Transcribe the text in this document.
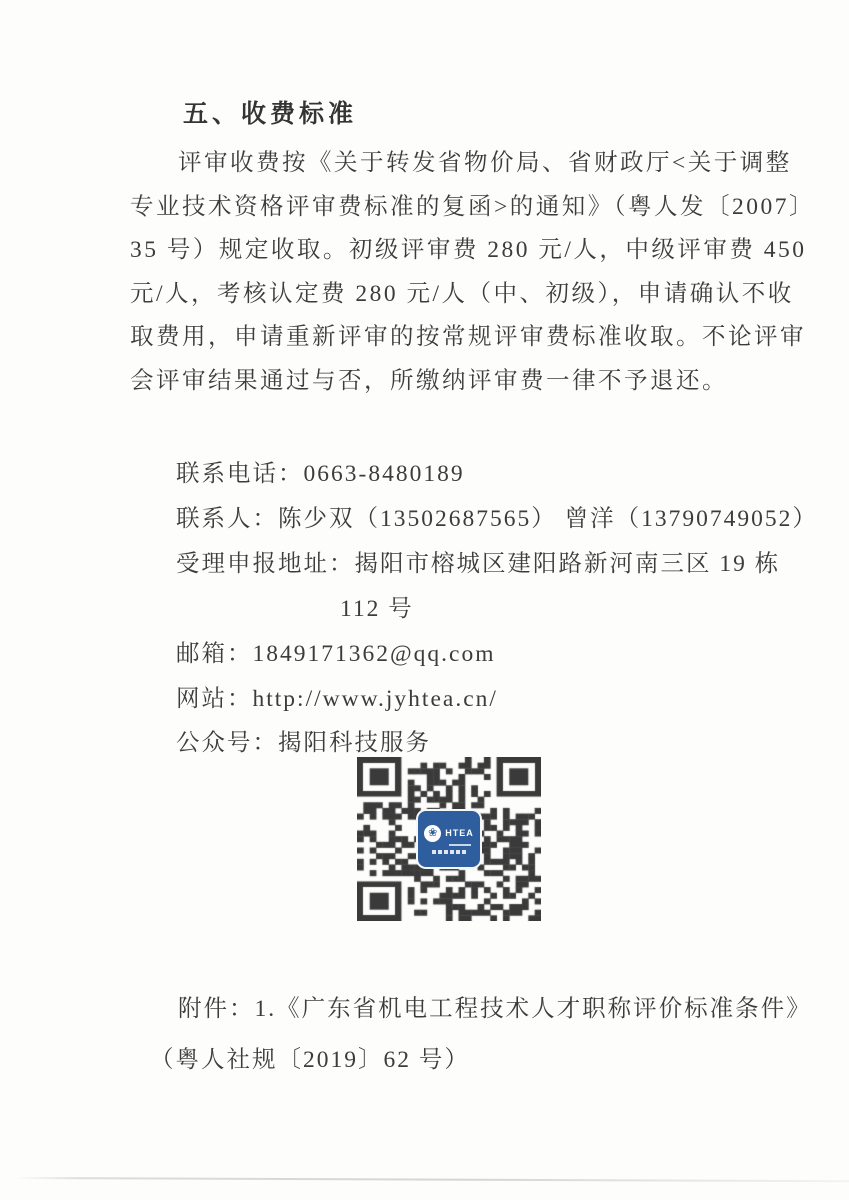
五、收费标准
评审收费按《关于转发省物价局、省财政厅<关于调整
专业技术资格评审费标准的复函>的通知》（粤人发〔2007〕
35 号）规定收取。初级评审费 280 元/人，中级评审费 450
元/人，考核认定费 280 元/人（中、初级），申请确认不收
取费用，申请重新评审的按常规评审费标准收取。不论评审
会评审结果通过与否，所缴纳评审费一律不予退还。
联系电话：0663-8480189
联系人：陈少双（13502687565） 曾洋（13790749052）
受理申报地址：揭阳市榕城区建阳路新河南三区 19 栋
112 号
邮箱：1849171362@qq.com
网站：http://www.jyhtea.cn/
公众号：揭阳科技服务
❀ HTEA
附件：1.《广东省机电工程技术人才职称评价标准条件》
（粤人社规〔2019〕62 号）
